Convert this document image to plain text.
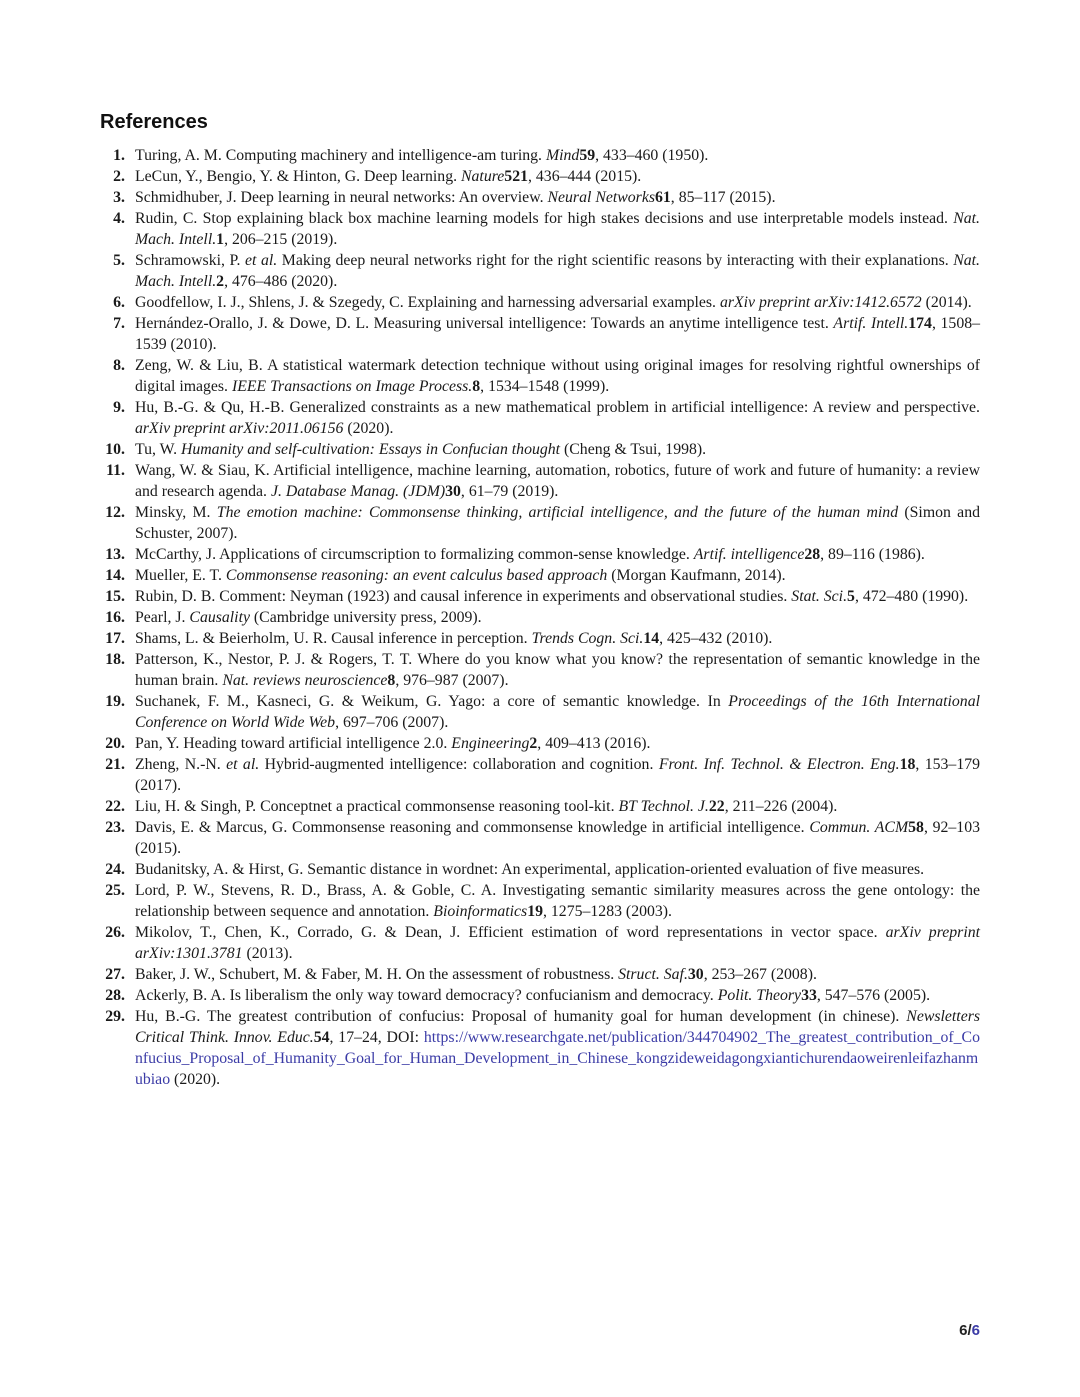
References
1. Turing, A. M. Computing machinery and intelligence-am turing. Mind59, 433–460 (1950).
2. LeCun, Y., Bengio, Y. & Hinton, G. Deep learning. Nature521, 436–444 (2015).
3. Schmidhuber, J. Deep learning in neural networks: An overview. Neural Networks61, 85–117 (2015).
4. Rudin, C. Stop explaining black box machine learning models for high stakes decisions and use interpretable models instead. Nat. Mach. Intell.1, 206–215 (2019).
5. Schramowski, P. et al. Making deep neural networks right for the right scientific reasons by interacting with their explanations. Nat. Mach. Intell.2, 476–486 (2020).
6. Goodfellow, I. J., Shlens, J. & Szegedy, C. Explaining and harnessing adversarial examples. arXiv preprint arXiv:1412.6572 (2014).
7. Hernández-Orallo, J. & Dowe, D. L. Measuring universal intelligence: Towards an anytime intelligence test. Artif. Intell.174, 1508–1539 (2010).
8. Zeng, W. & Liu, B. A statistical watermark detection technique without using original images for resolving rightful ownerships of digital images. IEEE Transactions on Image Process.8, 1534–1548 (1999).
9. Hu, B.-G. & Qu, H.-B. Generalized constraints as a new mathematical problem in artificial intelligence: A review and perspective. arXiv preprint arXiv:2011.06156 (2020).
10. Tu, W. Humanity and self-cultivation: Essays in Confucian thought (Cheng & Tsui, 1998).
11. Wang, W. & Siau, K. Artificial intelligence, machine learning, automation, robotics, future of work and future of humanity: a review and research agenda. J. Database Manag. (JDM)30, 61–79 (2019).
12. Minsky, M. The emotion machine: Commonsense thinking, artificial intelligence, and the future of the human mind (Simon and Schuster, 2007).
13. McCarthy, J. Applications of circumscription to formalizing common-sense knowledge. Artif. intelligence28, 89–116 (1986).
14. Mueller, E. T. Commonsense reasoning: an event calculus based approach (Morgan Kaufmann, 2014).
15. Rubin, D. B. Comment: Neyman (1923) and causal inference in experiments and observational studies. Stat. Sci.5, 472–480 (1990).
16. Pearl, J. Causality (Cambridge university press, 2009).
17. Shams, L. & Beierholm, U. R. Causal inference in perception. Trends Cogn. Sci.14, 425–432 (2010).
18. Patterson, K., Nestor, P. J. & Rogers, T. T. Where do you know what you know? the representation of semantic knowledge in the human brain. Nat. reviews neuroscience8, 976–987 (2007).
19. Suchanek, F. M., Kasneci, G. & Weikum, G. Yago: a core of semantic knowledge. In Proceedings of the 16th International Conference on World Wide Web, 697–706 (2007).
20. Pan, Y. Heading toward artificial intelligence 2.0. Engineering2, 409–413 (2016).
21. Zheng, N.-N. et al. Hybrid-augmented intelligence: collaboration and cognition. Front. Inf. Technol. & Electron. Eng.18, 153–179 (2017).
22. Liu, H. & Singh, P. Conceptnet a practical commonsense reasoning tool-kit. BT Technol. J.22, 211–226 (2004).
23. Davis, E. & Marcus, G. Commonsense reasoning and commonsense knowledge in artificial intelligence. Commun. ACM58, 92–103 (2015).
24. Budanitsky, A. & Hirst, G. Semantic distance in wordnet: An experimental, application-oriented evaluation of five measures.
25. Lord, P. W., Stevens, R. D., Brass, A. & Goble, C. A. Investigating semantic similarity measures across the gene ontology: the relationship between sequence and annotation. Bioinformatics19, 1275–1283 (2003).
26. Mikolov, T., Chen, K., Corrado, G. & Dean, J. Efficient estimation of word representations in vector space. arXiv preprint arXiv:1301.3781 (2013).
27. Baker, J. W., Schubert, M. & Faber, M. H. On the assessment of robustness. Struct. Saf.30, 253–267 (2008).
28. Ackerly, B. A. Is liberalism the only way toward democracy? confucianism and democracy. Polit. Theory33, 547–576 (2005).
29. Hu, B.-G. The greatest contribution of confucius: Proposal of humanity goal for human development (in chinese). Newsletters Critical Think. Innov. Educ.54, 17–24, DOI: https://www.researchgate.net/publication/344704902_The_greatest_contribution_of_Confucius_Proposal_of_Humanity_Goal_for_Human_Development_in_Chinese_kongzideweidagongxiantichurendaoweirenleifazhanmubiao (2020).
6/6
